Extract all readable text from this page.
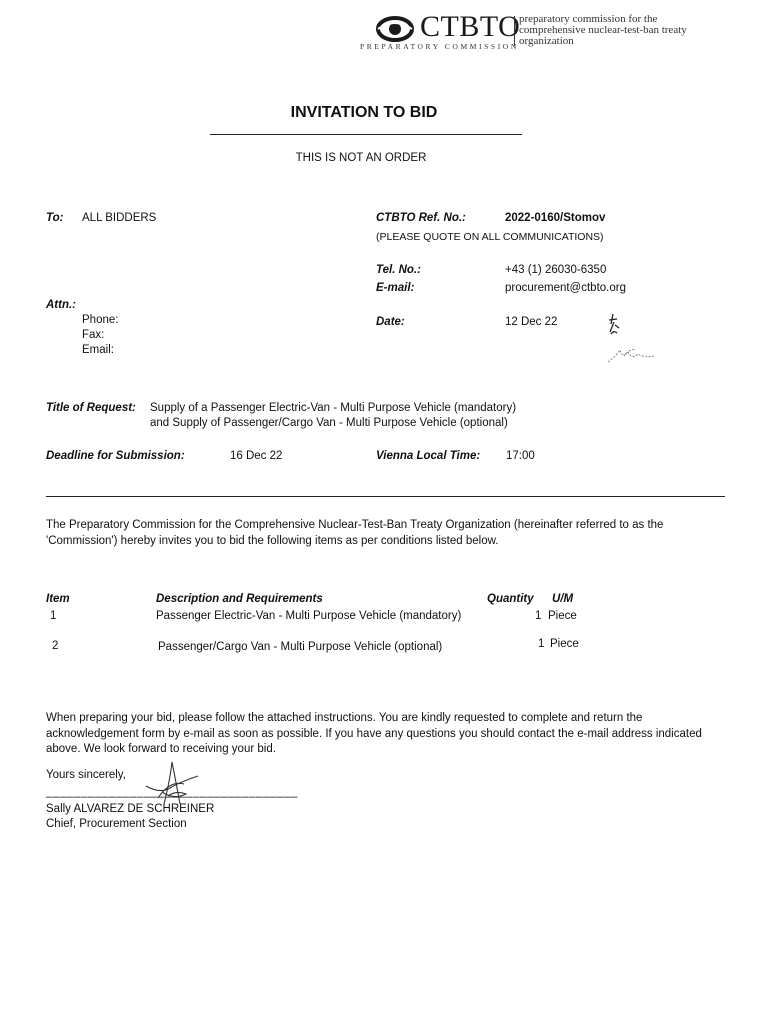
CTBTO
PREPARATORY COMMISSION
preparatory commission for the comprehensive nuclear-test-ban treaty organization
INVITATION TO BID
THIS IS NOT AN ORDER
To: ALL BIDDERS	CTBTO Ref. No.:	2022-0160/Stomov
(PLEASE QUOTE ON ALL COMMUNICATIONS)
Tel. No.:	+43 (1) 26030-6350
E-mail:	procurement@ctbto.org
Attn.:
Phone:
Fax:
Email:
Date:	12 Dec 22
Title of Request: Supply of a Passenger Electric-Van - Multi Purpose Vehicle (mandatory)
and Supply of Passenger/Cargo Van - Multi Purpose Vehicle (optional)
Deadline for Submission:	16 Dec 22	Vienna Local Time: 17:00
The Preparatory Commission for the Comprehensive Nuclear-Test-Ban Treaty Organization (hereinafter referred to as the 'Commission') hereby invites you to bid the following items as per conditions listed below.
Item	Description and Requirements	Quantity U/M
1	Passenger Electric-Van - Multi Purpose Vehicle (mandatory)	1 Piece
2	Passenger/Cargo Van - Multi Purpose Vehicle (optional)	1 Piece
When preparing your bid, please follow the attached instructions. You are kindly requested to complete and return the acknowledgement form by e-mail as soon as possible. If you have any questions you should contact the e-mail address indicated above. We look forward to receiving your bid.
Yours sincerely,
____________________________________
Sally ALVAREZ DE SCHREINER
Chief, Procurement Section
